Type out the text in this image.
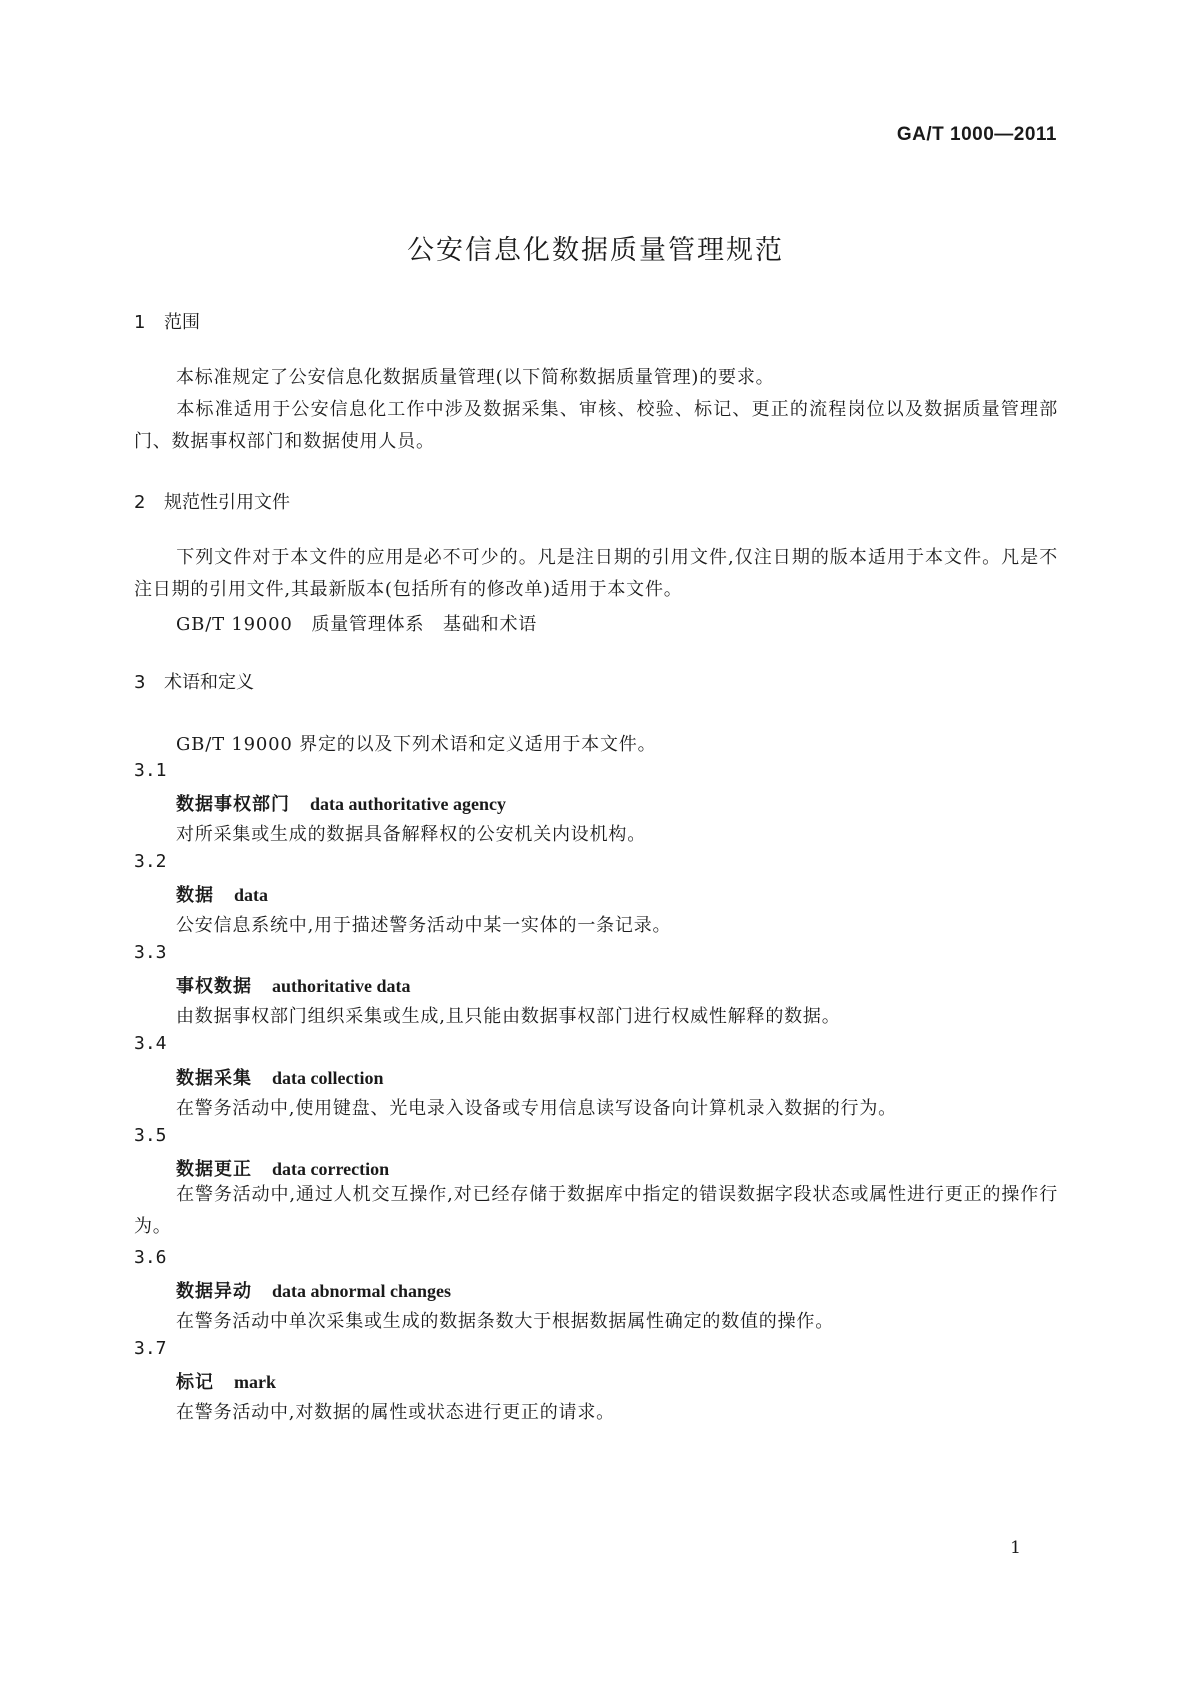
GA/T 1000—2011
公安信息化数据质量管理规范
1 范围
本标准规定了公安信息化数据质量管理(以下简称数据质量管理)的要求。
本标准适用于公安信息化工作中涉及数据采集、审核、校验、标记、更正的流程岗位以及数据质量管理部门、数据事权部门和数据使用人员。
2 规范性引用文件
下列文件对于本文件的应用是必不可少的。凡是注日期的引用文件,仅注日期的版本适用于本文件。凡是不注日期的引用文件,其最新版本(包括所有的修改单)适用于本文件。
GB/T 19000　质量管理体系　基础和术语
3 术语和定义
GB/T 19000 界定的以及下列术语和定义适用于本文件。
3.1
数据事权部门 data authoritative agency
对所采集或生成的数据具备解释权的公安机关内设机构。
3.2
数据 data
公安信息系统中,用于描述警务活动中某一实体的一条记录。
3.3
事权数据 authoritative data
由数据事权部门组织采集或生成,且只能由数据事权部门进行权威性解释的数据。
3.4
数据采集 data collection
在警务活动中,使用键盘、光电录入设备或专用信息读写设备向计算机录入数据的行为。
3.5
数据更正 data correction
在警务活动中,通过人机交互操作,对已经存储于数据库中指定的错误数据字段状态或属性进行更正的操作行为。
3.6
数据异动 data abnormal changes
在警务活动中单次采集或生成的数据条数大于根据数据属性确定的数值的操作。
3.7
标记 mark
在警务活动中,对数据的属性或状态进行更正的请求。
1
